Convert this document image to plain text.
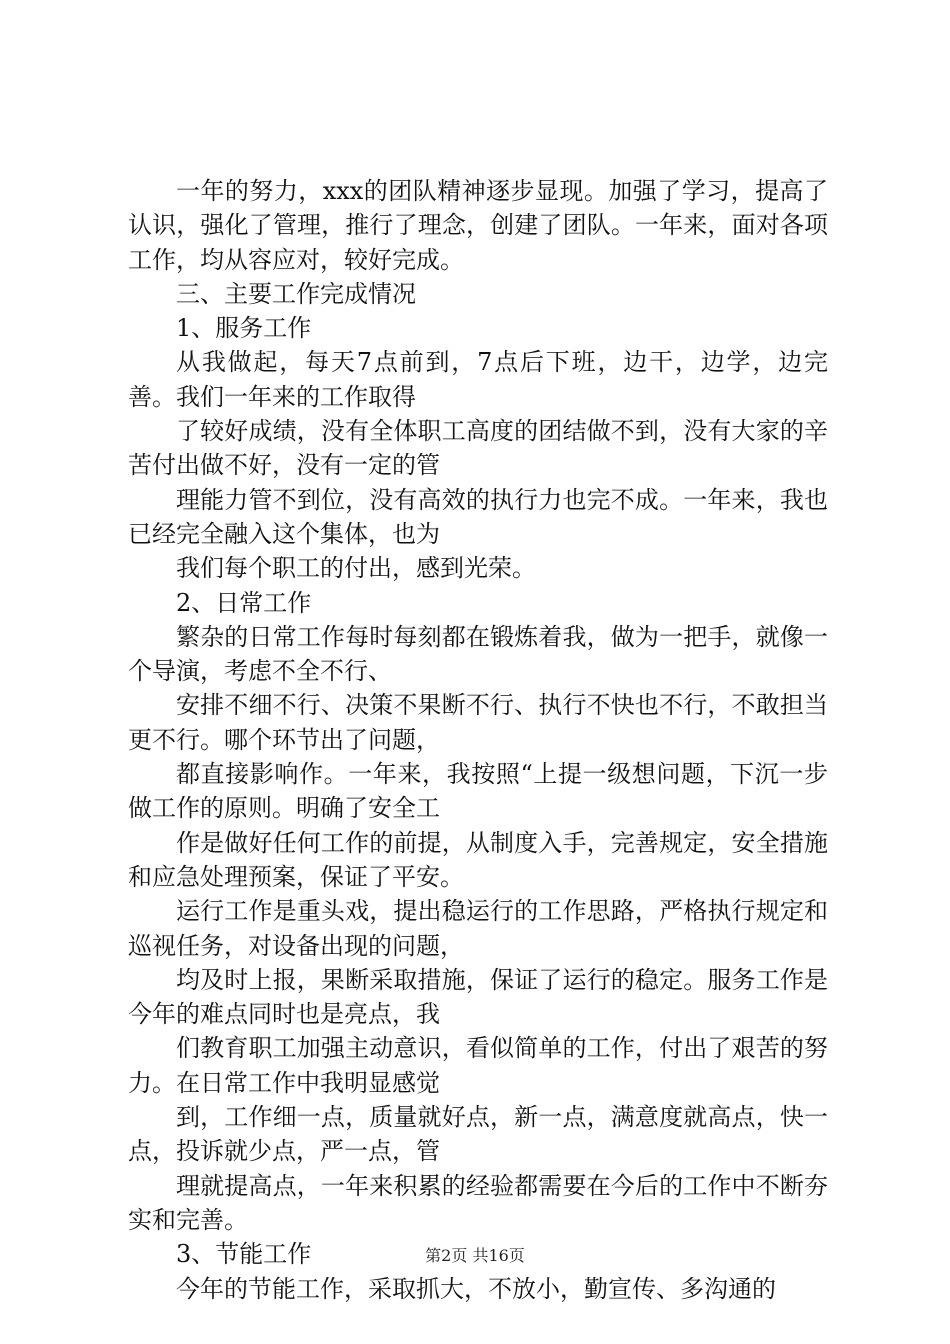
一年的努力，xxx的团队精神逐步显现。加强了学习，提高了认识，强化了管理，推行了理念，创建了团队。一年来，面对各项工作，均从容应对，较好完成。

三、主要工作完成情况

1、服务工作

从我做起，每天7点前到，7点后下班，边干，边学，边完善。我们一年来的工作取得

了较好成绩，没有全体职工高度的团结做不到，没有大家的辛苦付出做不好，没有一定的管

理能力管不到位，没有高效的执行力也完不成。一年来，我也已经完全融入这个集体，也为

我们每个职工的付出，感到光荣。

2、日常工作

繁杂的日常工作每时每刻都在锻炼着我，做为一把手，就像一个导演，考虑不全不行、

安排不细不行、决策不果断不行、执行不快也不行，不敢担当更不行。哪个环节出了问题，

都直接影响作。一年来，我按照“上提一级想问题，下沉一步做工作的原则。明确了安全工

作是做好任何工作的前提，从制度入手，完善规定，安全措施和应急处理预案，保证了平安。

运行工作是重头戏，提出稳运行的工作思路，严格执行规定和巡视任务，对设备出现的问题，

均及时上报，果断采取措施，保证了运行的稳定。服务工作是今年的难点同时也是亮点，我

们教育职工加强主动意识，看似简单的工作，付出了艰苦的努力。在日常工作中我明显感觉

到，工作细一点，质量就好点，新一点，满意度就高点，快一点，投诉就少点，严一点，管

理就提高点，一年来积累的经验都需要在今后的工作中不断夯实和完善。

3、节能工作

今年的节能工作，采取抓大，不放小，勤宣传、多沟通的

第2页 共16页
